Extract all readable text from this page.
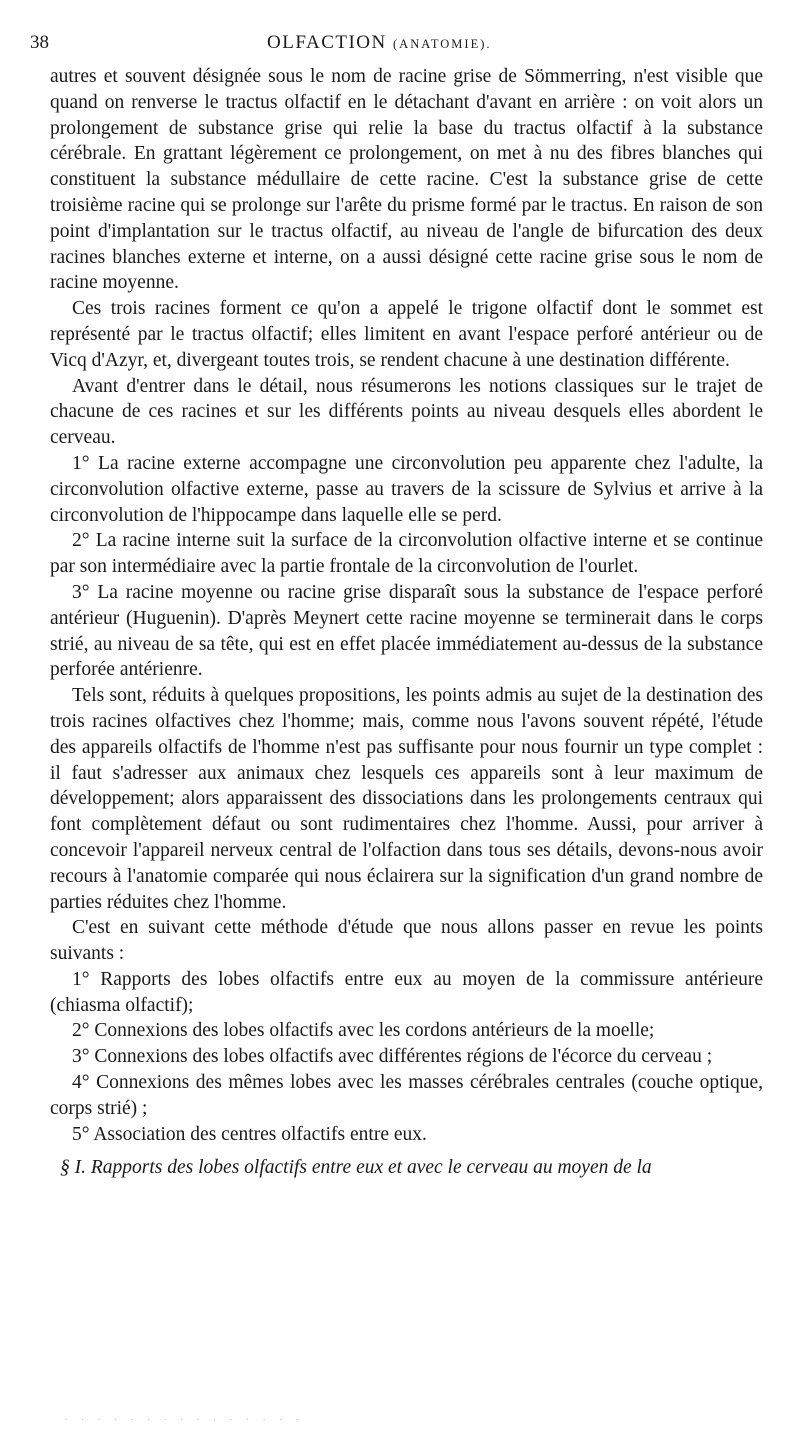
38	OLFACTION (ANATOMIE).

autres et souvent désignée sous le nom de racine grise de Sömmerring, n'est visible que quand on renverse le tractus olfactif en le détachant d'avant en arrière : on voit alors un prolongement de substance grise qui relie la base du tractus olfactif à la substance cérébrale. En grattant légèrement ce prolongement, on met à nu des fibres blanches qui constituent la substance médullaire de cette racine. C'est la substance grise de cette troisième racine qui se prolonge sur l'arête du prisme formé par le tractus. En raison de son point d'implantation sur le tractus olfactif, au niveau de l'angle de bifurcation des deux racines blanches externe et interne, on a aussi désigné cette racine grise sous le nom de racine moyenne.

Ces trois racines forment ce qu'on a appelé le trigone olfactif dont le sommet est représenté par le tractus olfactif; elles limitent en avant l'espace perforé antérieur ou de Vicq d'Azyr, et, divergeant toutes trois, se rendent chacune à une destination différente.

Avant d'entrer dans le détail, nous résumerons les notions classiques sur le trajet de chacune de ces racines et sur les différents points au niveau desquels elles abordent le cerveau.

1° La racine externe accompagne une circonvolution peu apparente chez l'adulte, la circonvolution olfactive externe, passe au travers de la scissure de Sylvius et arrive à la circonvolution de l'hippocampe dans laquelle elle se perd.

2° La racine interne suit la surface de la circonvolution olfactive interne et se continue par son intermédiaire avec la partie frontale de la circonvolution de l'ourlet.

3° La racine moyenne ou racine grise disparaît sous la substance de l'espace perforé antérieur (Huguenin). D'après Meynert cette racine moyenne se terminerait dans le corps strié, au niveau de sa tête, qui est en effet placée immédiatement au-dessus de la substance perforée antérienre.

Tels sont, réduits à quelques propositions, les points admis au sujet de la destination des trois racines olfactives chez l'homme; mais, comme nous l'avons souvent répété, l'étude des appareils olfactifs de l'homme n'est pas suffisante pour nous fournir un type complet : il faut s'adresser aux animaux chez lesquels ces appareils sont à leur maximum de développement; alors apparaissent des dissociations dans les prolongements centraux qui font complètement défaut ou sont rudimentaires chez l'homme. Aussi, pour arriver à concevoir l'appareil nerveux central de l'olfaction dans tous ses détails, devons-nous avoir recours à l'anatomie comparée qui nous éclairera sur la signification d'un grand nombre de parties réduites chez l'homme.

C'est en suivant cette méthode d'étude que nous allons passer en revue les points suivants :

1° Rapports des lobes olfactifs entre eux au moyen de la commissure antérieure (chiasma olfactif);

2° Connexions des lobes olfactifs avec les cordons antérieurs de la moelle;

3° Connexions des lobes olfactifs avec différentes régions de l'écorce du cerveau ;

4° Connexions des mêmes lobes avec les masses cérébrales centrales (couche optique, corps strié) ;

5° Association des centres olfactifs entre eux.

§ I. Rapports des lobes olfactifs entre eux et avec le cerveau au moyen de la
. . . . . . . . . . . . . . .
